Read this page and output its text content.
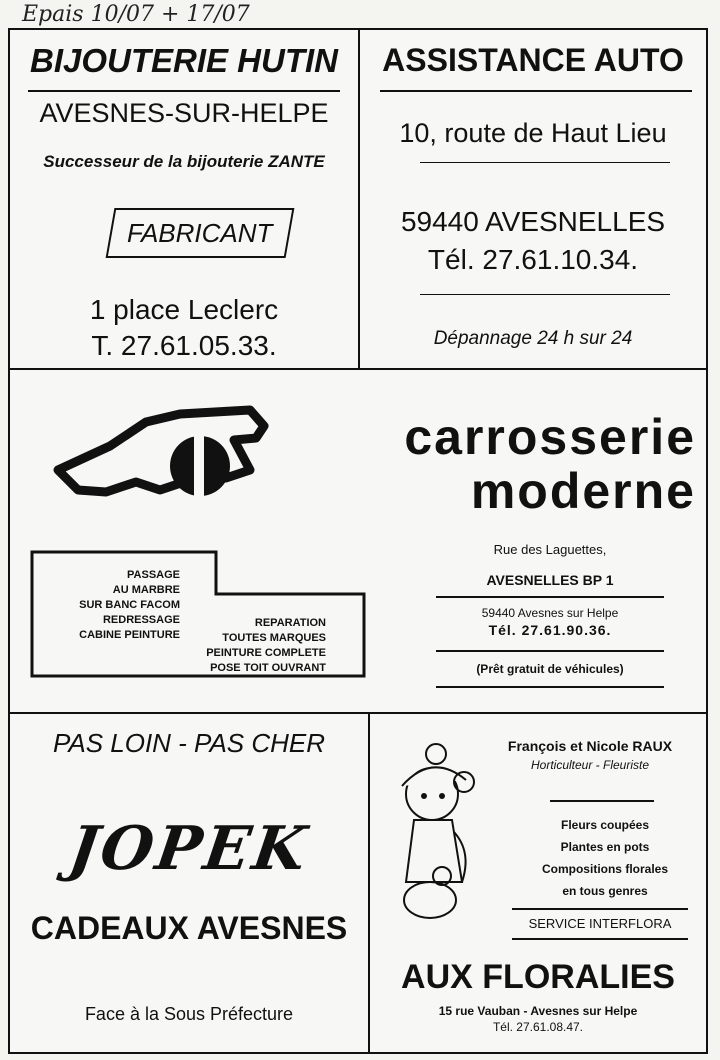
Epais 10/07 + 17/07
BIJOUTERIE HUTIN
AVESNES-SUR-HELPE
Successeur de la bijouterie ZANTE
FABRICANT
1 place Leclerc
T. 27.61.05.33.
ASSISTANCE AUTO
10, route de Haut Lieu
59440 AVESNELLES
Tél. 27.61.10.34.
Dépannage 24 h sur 24
carrosserie
moderne
PASSAGE
AU MARBRE
SUR BANC FACOM
REDRESSAGE
CABINE PEINTURE
REPARATION
TOUTES MARQUES
PEINTURE COMPLETE
POSE TOIT OUVRANT
Rue des Laguettes,
AVESNELLES BP 1
59440 Avesnes sur Helpe
Tél. 27.61.90.36.
(Prêt gratuit de véhicules)
PAS LOIN - PAS CHER
JOPEK
CADEAUX AVESNES
Face à la Sous Préfecture
François et Nicole RAUX
Horticulteur - Fleuriste
Fleurs coupées
Plantes en pots
Compositions florales
en tous genres
SERVICE INTERFLORA
AUX FLORALIES
15 rue Vauban - Avesnes sur Helpe
Tél. 27.61.08.47.
